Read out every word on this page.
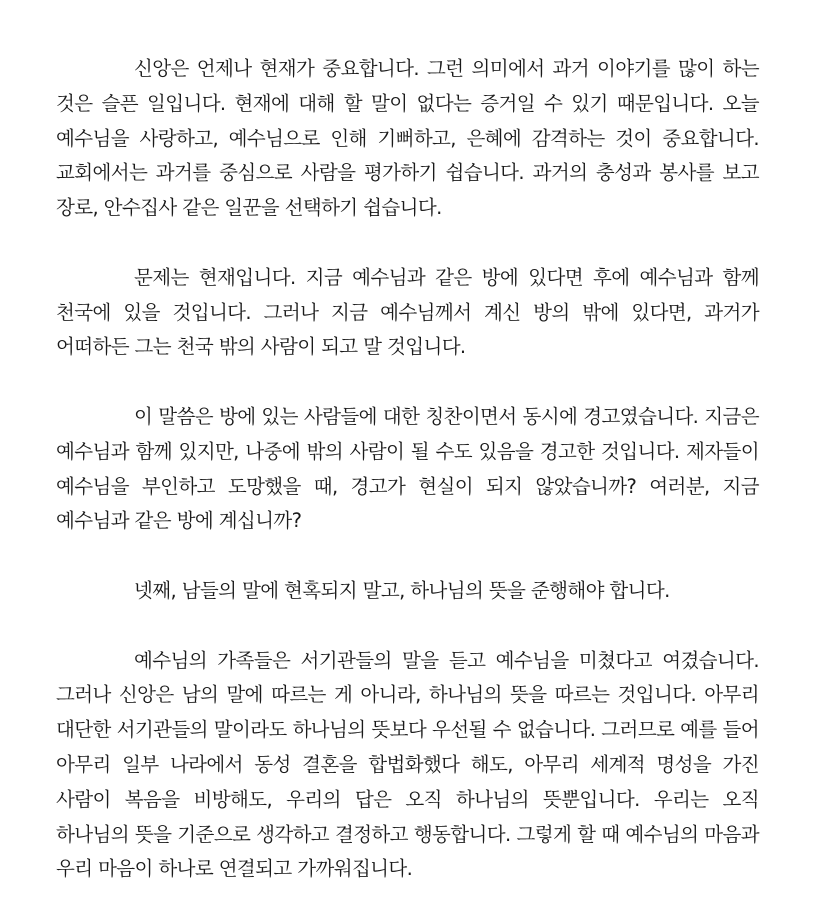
신앙은 언제나 현재가 중요합니다. 그런 의미에서 과거 이야기를 많이 하는 것은 슬픈 일입니다. 현재에 대해 할 말이 없다는 증거일 수 있기 때문입니다. 오늘 예수님을 사랑하고, 예수님으로 인해 기뻐하고, 은혜에 감격하는 것이 중요합니다. 교회에서는 과거를 중심으로 사람을 평가하기 쉽습니다. 과거의 충성과 봉사를 보고 장로, 안수집사 같은 일꾼을 선택하기 쉽습니다.

문제는 현재입니다. 지금 예수님과 같은 방에 있다면 후에 예수님과 함께 천국에 있을 것입니다. 그러나 지금 예수님께서 계신 방의 밖에 있다면, 과거가 어떠하든 그는 천국 밖의 사람이 되고 말 것입니다.

이 말씀은 방에 있는 사람들에 대한 칭찬이면서 동시에 경고였습니다. 지금은 예수님과 함께 있지만, 나중에 밖의 사람이 될 수도 있음을 경고한 것입니다. 제자들이 예수님을 부인하고 도망했을 때, 경고가 현실이 되지 않았습니까? 여러분, 지금 예수님과 같은 방에 계십니까?

넷째, 남들의 말에 현혹되지 말고, 하나님의 뜻을 준행해야 합니다.

예수님의 가족들은 서기관들의 말을 듣고 예수님을 미쳤다고 여겼습니다. 그러나 신앙은 남의 말에 따르는 게 아니라, 하나님의 뜻을 따르는 것입니다. 아무리 대단한 서기관들의 말이라도 하나님의 뜻보다 우선될 수 없습니다. 그러므로 예를 들어 아무리 일부 나라에서 동성 결혼을 합법화했다 해도, 아무리 세계적 명성을 가진 사람이 복음을 비방해도, 우리의 답은 오직 하나님의 뜻뿐입니다. 우리는 오직 하나님의 뜻을 기준으로 생각하고 결정하고 행동합니다. 그렇게 할 때 예수님의 마음과 우리 마음이 하나로 연결되고 가까워집니다.
